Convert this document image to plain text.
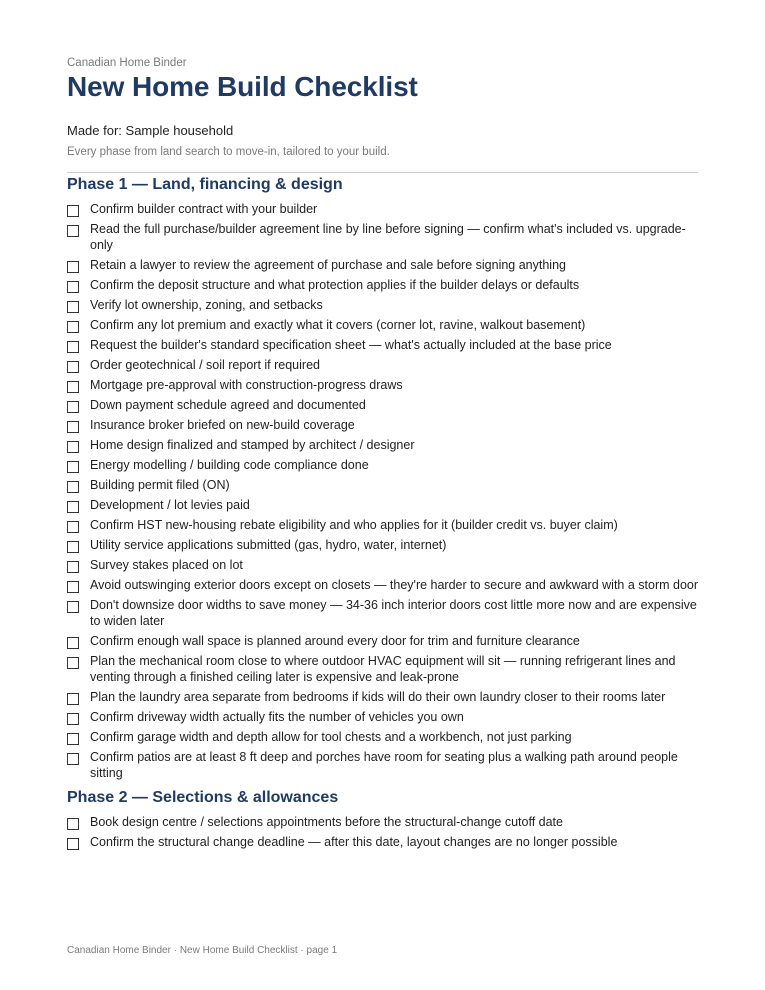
Canadian Home Binder
New Home Build Checklist
Made for: Sample household
Every phase from land search to move-in, tailored to your build.
Phase 1 — Land, financing & design
Confirm builder contract with your builder
Read the full purchase/builder agreement line by line before signing — confirm what's included vs. upgrade-only
Retain a lawyer to review the agreement of purchase and sale before signing anything
Confirm the deposit structure and what protection applies if the builder delays or defaults
Verify lot ownership, zoning, and setbacks
Confirm any lot premium and exactly what it covers (corner lot, ravine, walkout basement)
Request the builder's standard specification sheet — what's actually included at the base price
Order geotechnical / soil report if required
Mortgage pre-approval with construction-progress draws
Down payment schedule agreed and documented
Insurance broker briefed on new-build coverage
Home design finalized and stamped by architect / designer
Energy modelling / building code compliance done
Building permit filed (ON)
Development / lot levies paid
Confirm HST new-housing rebate eligibility and who applies for it (builder credit vs. buyer claim)
Utility service applications submitted (gas, hydro, water, internet)
Survey stakes placed on lot
Avoid outswinging exterior doors except on closets — they're harder to secure and awkward with a storm door
Don't downsize door widths to save money — 34-36 inch interior doors cost little more now and are expensive to widen later
Confirm enough wall space is planned around every door for trim and furniture clearance
Plan the mechanical room close to where outdoor HVAC equipment will sit — running refrigerant lines and venting through a finished ceiling later is expensive and leak-prone
Plan the laundry area separate from bedrooms if kids will do their own laundry closer to their rooms later
Confirm driveway width actually fits the number of vehicles you own
Confirm garage width and depth allow for tool chests and a workbench, not just parking
Confirm patios are at least 8 ft deep and porches have room for seating plus a walking path around people sitting
Phase 2 — Selections & allowances
Book design centre / selections appointments before the structural-change cutoff date
Confirm the structural change deadline — after this date, layout changes are no longer possible
Canadian Home Binder · New Home Build Checklist · page 1
